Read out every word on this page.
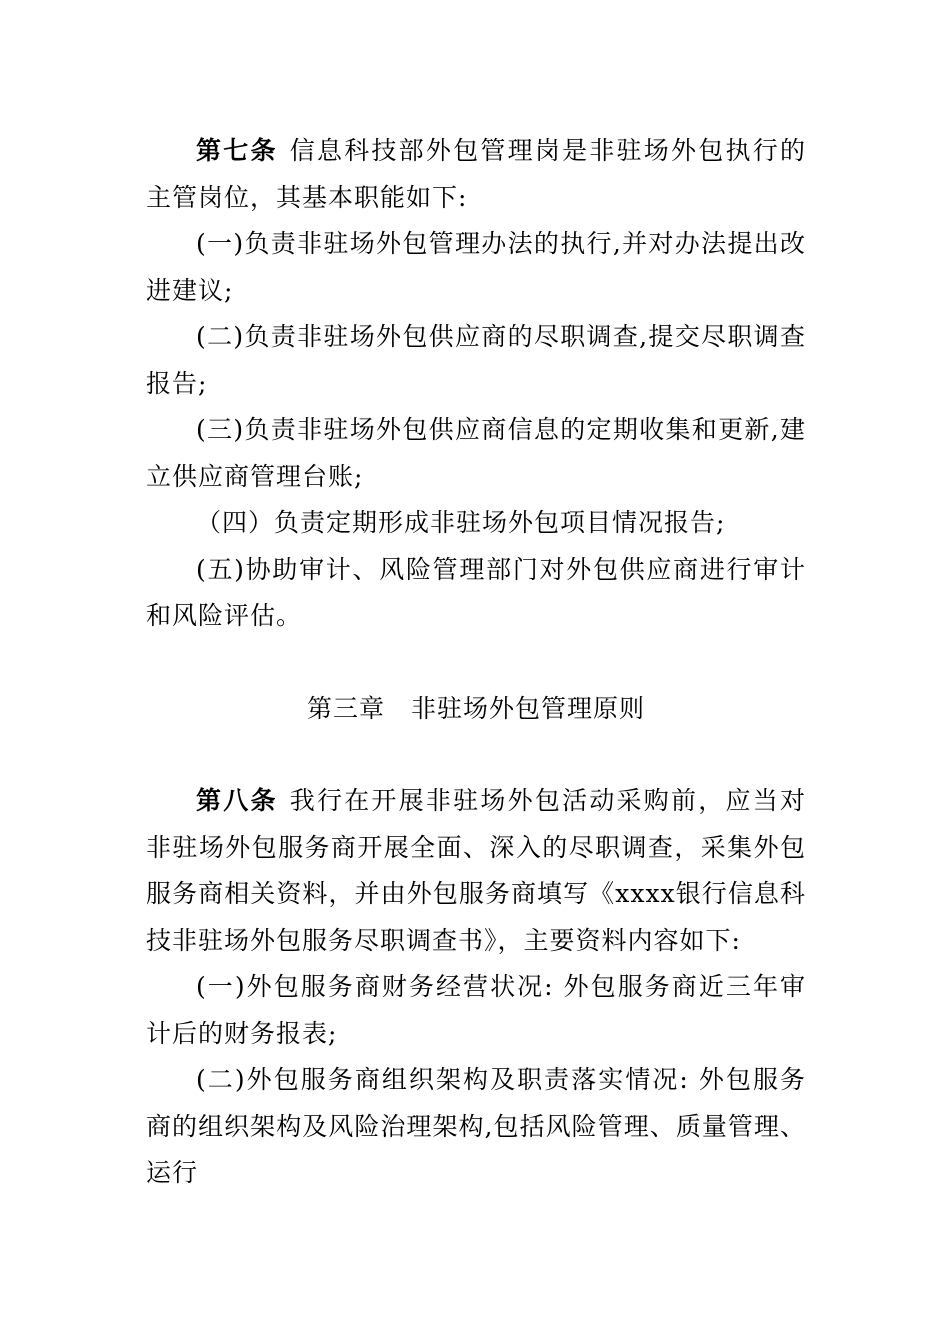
第七条 信息科技部外包管理岗是非驻场外包执行的主管岗位，其基本职能如下:

(一)负责非驻场外包管理办法的执行,并对办法提出改进建议;

(二)负责非驻场外包供应商的尽职调查,提交尽职调查报告;

(三)负责非驻场外包供应商信息的定期收集和更新,建立供应商管理台账;

（四）负责定期形成非驻场外包项目情况报告;

(五)协助审计、风险管理部门对外包供应商进行审计和风险评估。

第三章 非驻场外包管理原则

第八条 我行在开展非驻场外包活动采购前，应当对非驻场外包服务商开展全面、深入的尽职调查，采集外包服务商相关资料，并由外包服务商填写《xxxx银行信息科技非驻场外包服务尽职调查书》，主要资料内容如下:

(一)外包服务商财务经营状况: 外包服务商近三年审计后的财务报表;

(二)外包服务商组织架构及职责落实情况: 外包服务商的组织架构及风险治理架构,包括风险管理、质量管理、运行
